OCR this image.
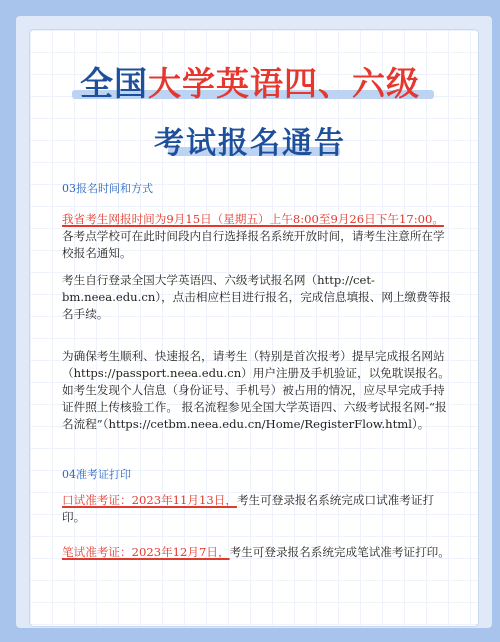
全国大学英语四、六级
考试报名通告
03报名时间和方式
我省考生网报时间为9月15日（星期五）上午8:00至9月26日下午17:00。各考点学校可在此时间段内自行选择报名系统开放时间，请考生注意所在学校报名通知。
考生自行登录全国大学英语四、六级考试报名网（http://cet-bm.neea.edu.cn），点击相应栏目进行报名，完成信息填报、网上缴费等报名手续。
为确保考生顺利、快速报名，请考生（特别是首次报考）提早完成报名网站（https://passport.neea.edu.cn）用户注册及手机验证，以免耽误报名。如考生发现个人信息（身份证号、手机号）被占用的情况，应尽早完成手持证件照上传核验工作。 报名流程参见全国大学英语四、六级考试报名网-“报名流程”（https://cetbm.neea.edu.cn/Home/RegisterFlow.html）。
04准考证打印
口试准考证：2023年11月13日，考生可登录报名系统完成口试准考证打印。
笔试准考证：2023年12月7日，考生可登录报名系统完成笔试准考证打印。
